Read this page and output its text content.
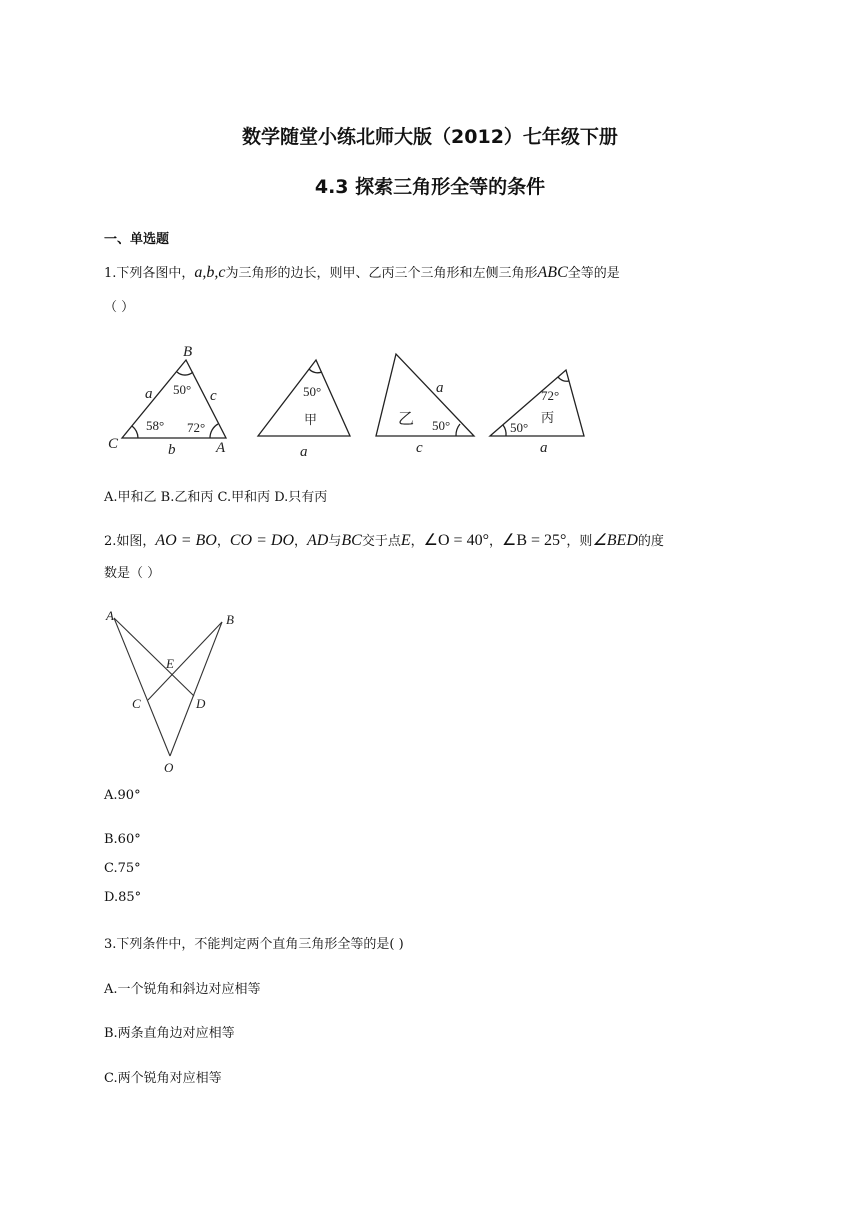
数学随堂小练北师大版（2012）七年级下册
4.3 探索三角形全等的条件
一、单选题
1.下列各图中，a,b,c为三角形的边长，则甲、乙丙三个三角形和左侧三角形ABC全等的是
（ ）
B
C	A
a	c
b	a
a
c	a
50°
58° 72°
50°
甲	乙 50°
72°
丙
50°
A.甲和乙 B.乙和丙 C.甲和丙 D.只有丙
2.如图，AO = BO，CO = DO，AD与BC交于点E，∠O = 40°，∠B = 25°，则∠BED的度
数是（ ）
A	B
E
C	D
O
A.90°
B.60°
C.75°
D.85°
3.下列条件中，不能判定两个直角三角形全等的是( )
A.一个锐角和斜边对应相等
B.两条直角边对应相等
C.两个锐角对应相等
